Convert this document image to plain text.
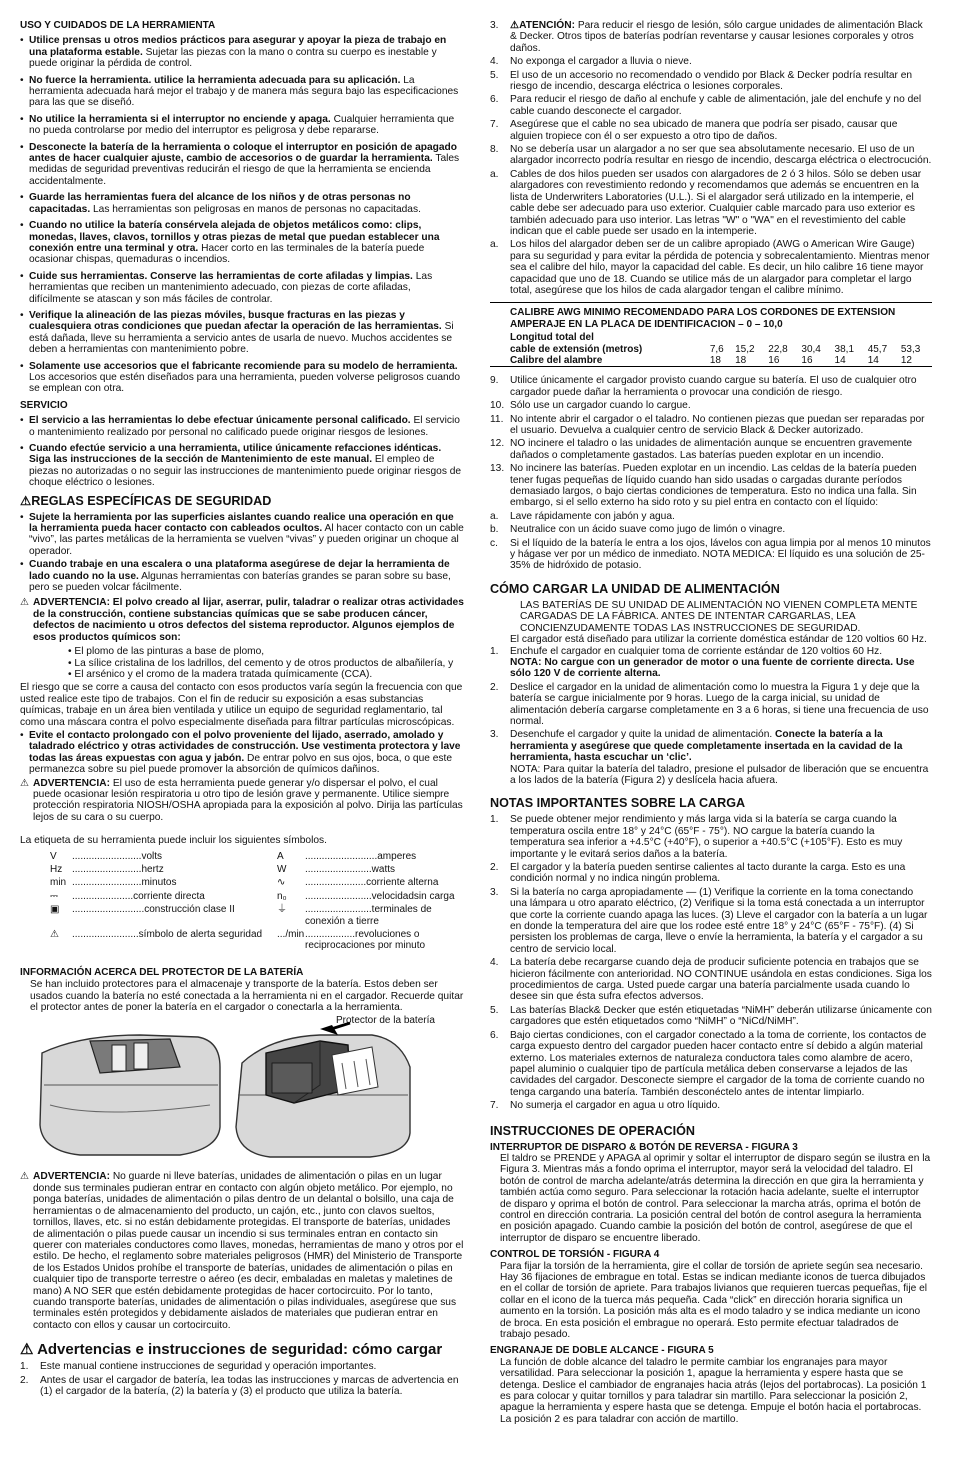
USO Y CUIDADOS DE LA HERRAMIENTA
• Utilice prensas u otros medios prácticos para asegurar y apoyar la pieza de trabajo en una plataforma estable. Sujetar las piezas con la mano o contra su cuerpo es inestable y puede originar la pérdida de control.
• No fuerce la herramienta. utilice la herramienta adecuada para su aplicación. La herramienta adecuada hará mejor el trabajo y de manera más segura bajo las especificaciones para las que se diseñó.
• No utilice la herramienta si el interruptor no enciende y apaga. Cualquier herramienta que no pueda controlarse por medio del interruptor es peligrosa y debe repararse.
• Desconecte la batería de la herramienta o coloque el interruptor en posición de apagado antes de hacer cualquier ajuste, cambio de accesorios o de guardar la herramienta. Tales medidas de seguridad preventivas reducirán el riesgo de que la herramienta se encienda accidentalmente.
• Guarde las herramientas fuera del alcance de los niños y de otras personas no capacitadas. Las herramientas son peligrosas en manos de personas no capacitadas.
• Cuando no utilice la batería consérvela alejada de objetos metálicos como: clips, monedas, llaves, clavos, tornillos y otras piezas de metal que puedan establecer una conexión entre una terminal y otra. Hacer corto en las terminales de la batería puede ocasionar chispas, quemaduras o incendios.
• Cuide sus herramientas. Conserve las herramientas de corte afiladas y limpias. Las herramientas que reciben un mantenimiento adecuado, con piezas de corte afiladas, difícilmente se atascan y son más fáciles de controlar.
• Verifique la alineación de las piezas móviles, busque fracturas en las piezas y cualesquiera otras condiciones que puedan afectar la operación de las herramientas. Si está dañada, lleve su herramienta a servicio antes de usarla de nuevo. Muchos accidentes se deben a herramientas con mantenimiento pobre.
• Solamente use accesorios que el fabricante recomiende para su modelo de herramienta. Los accesorios que estén diseñados para una herramienta, pueden volverse peligrosos cuando se emplean con otra.
SERVICIO
• El servicio a las herramientas lo debe efectuar únicamente personal calificado. El servicio o mantenimiento realizado por personal no calificado puede originar riesgos de lesiones.
• Cuando efectúe servicio a una herramienta, utilice únicamente refacciones idénticas. Siga las instrucciones de la sección de Mantenimiento de este manual. El empleo de piezas no autorizadas o no seguir las instrucciones de mantenimiento puede originar riesgos de choque eléctrico o lesiones.
⚠REGLAS ESPECÍFICAS DE SEGURIDAD
• Sujete la herramienta por las superficies aislantes cuando realice una operación en que la herramienta pueda hacer contacto con cableados ocultos. Al hacer contacto con un cable “vivo”, las partes metálicas de la herramienta se vuelven “vivas” y pueden originar un choque al operador.
• Cuando trabaje en una escalera o una plataforma asegúrese de dejar la herramienta de lado cuando no la use. Algunas herramientas con baterías grandes se paran sobre su base, pero se pueden volcar fácilmente.
⚠ ADVERTENCIA: El polvo creado al lijar, aserrar, pulir, taladrar o realizar otras actividades de la construcción, contiene substancias químicas que se sabe producen cáncer, defectos de nacimiento u otros defectos del sistema reproductor. Algunos ejemplos de esos productos químicos son:
• El plomo de las pinturas a base de plomo,
• La sílice cristalina de los ladrillos, del cemento y de otros productos de albañilería, y
• El arsénico y el cromo de la madera tratada químicamente (CCA).

El riesgo que se corre a causa del contacto con esos productos varía según la frecuencia con que usted realice este tipo de trabajos. Con el fin de reducir su exposición a esas substancias químicas, trabaje en un área bien ventilada y utilice un equipo de seguridad reglamentario, tal como una máscara contra el polvo especialmente diseñada para filtrar partículas microscópicas.

• Evite el contacto prolongado con el polvo proveniente del lijado, aserrado, amolado y taladrado eléctrico y otras actividades de construcción. Use vestimenta protectora y lave todas las áreas expuestas con agua y jabón. De entrar polvo en sus ojos, boca, o que este permanezca sobre su piel puede promover la absorción de químicos dañinos.
⚠ ADVERTENCIA: El uso de esta herramienta puede generar y/o dispersar el polvo, el cual puede ocasionar lesión respiratoria u otro tipo de lesión grave y permanente. Utilice siempre protección respiratoria NIOSH/OSHA apropiada para la exposición al polvo. Dirija las partículas lejos de su cara o su cuerpo.

La etiqueta de su herramienta puede incluir los siguientes símbolos.

V	.........................volts	A	..........................amperes
Hz	.........................hertz	W	........................watts
min	.........................minutos	∿	......................corriente alterna
⎓	......................corriente directa	n₀	........................velocidadsin carga
▣	..........................construcción clase II	⏚	........................terminales de conexión a tierre
⚠	........................símbolo de alerta seguridad	.../min	..................revoluciones o reciprocaciones por minuto
INFORMACIÓN ACERCA DEL PROTECTOR DE LA BATERÍA

Se han incluido protectores para el almacenaje y transporte de la batería. Estos deben ser usados cuando la batería no esté conectada a la herramienta ni en el cargador. Recuerde quitar el protector antes de poner la batería en el cargador o conectarla a la herramienta.

Protector de la batería
⚠ ADVERTENCIA: No guarde ni lleve baterías, unidades de alimentación o pilas en un lugar donde sus terminales pudieran entrar en contacto con algún objeto metálico. Por ejemplo, no ponga baterías, unidades de alimentación o pilas dentro de un delantal o bolsillo, una caja de herramientas o de almacenamiento del producto, un cajón, etc., junto con clavos sueltos, tornillos, llaves, etc. si no están debidamente protegidas. El transporte de baterías, unidades de alimentación o pilas puede causar un incendio si sus terminales entran en contacto sin querer con materiales conductores como llaves, monedas, herramientas de mano y otros por el estilo. De hecho, el reglamento sobre materiales peligrosos (HMR) del Ministerio de Transporte de los Estados Unidos prohíbe el transporte de baterías, unidades de alimentación o pilas en cualquier tipo de transporte terrestre o aéreo (es decir, embaladas en maletas y maletines de mano) A NO SER que estén debidamente protegidas de hacer cortocircuito. Por lo tanto, cuando transporte baterías, unidades de alimentación o pilas individuales, asegúrese que sus terminales estén protegidos y debidamente aislados de materiales que pudieran entrar en contacto con ellos y causar un cortocircuito.
⚠ Advertencias e instrucciones de seguridad: cómo cargar
1.	Este manual contiene instrucciones de seguridad y operación importantes.
2.	Antes de usar el cargador de batería, lea todas las instrucciones y marcas de advertencia en (1) el cargador de la batería, (2) la batería y (3) el producto que utiliza la batería.
3.	⚠ATENCIÓN: Para reducir el riesgo de lesión, sólo cargue unidades de alimentación Black & Decker. Otros tipos de baterías podrían reventarse y causar lesiones corporales y otros daños.
4.	No exponga el cargador a lluvia o nieve.
5.	El uso de un accesorio no recomendado o vendido por Black & Decker podría resultar en riesgo de incendio, descarga eléctrica o lesiones corporales.
6.	Para reducir el riesgo de daño al enchufe y cable de alimentación, jale del enchufe y no del cable cuando desconecte el cargador.
7.	Asegúrese que el cable no sea ubicado de manera que podría ser pisado, causar que alguien tropiece con él o ser expuesto a otro tipo de daños.
8.	No se debería usar un alargador a no ser que sea absolutamente necesario. El uso de un alargador incorrecto podría resultar en riesgo de incendio, descarga eléctrica o electrocución.
a.	Cables de dos hilos pueden ser usados con alargadores de 2 ó 3 hilos. Sólo se deben usar alargadores con revestimiento redondo y recomendamos que además se encuentren en la lista de Underwriters Laboratories (U.L.). Si el alargador será utilizado en la intemperie, el cable debe ser adecuado para uso exterior. Cualquier cable marcado para uso exterior es también adecuado para uso interior. Las letras "W" o "WA" en el revestimiento del cable indican que el cable puede ser usado en la intemperie.
a.	Los hilos del alargador deben ser de un calibre apropiado (AWG o American Wire Gauge) para su seguridad y para evitar la pérdida de potencia y sobrecalentamiento. Mientras menor sea el calibre del hilo, mayor la capacidad del cable. Es decir, un hilo calibre 16 tiene mayor capacidad que uno de 18. Cuando se utilice más de un alargador para completar el largo total, asegúrese que los hilos de cada alargador tengan el calibre mínimo.
CALIBRE AWG MINIMO RECOMENDADO PARA LOS CORDONES DE EXTENSION AMPERAJE EN LA PLACA DE IDENTIFICACION – 0 – 10,0
Longitud total del							
cable de extensión (metros)	7,6	15,2	22,8	30,4	38,1	45,7	53,3
Calibre del alambre	18	18	16	16	14	14	12
9.	Utilice únicamente el cargador provisto cuando cargue su batería. El uso de cualquier otro cargador puede dañar la herramienta o provocar una condición de riesgo.
10. Sólo use un cargador cuando lo cargue.
11. No intente abrir el cargador o el taladro. No contienen piezas que puedan ser reparadas por el usuario. Devuelva a cualquier centro de servicio Black & Decker autorizado.
12. NO incinere el taladro o las unidades de alimentación aunque se encuentren gravemente dañados o completamente gastados. Las baterías pueden explotar en un incendio.
13. No incinere las baterías. Pueden explotar en un incendio. Las celdas de la batería pueden tener fugas pequeñas de líquido cuando han sido usadas o cargadas durante períodos demasiado largos, o bajo ciertas condiciones de temperatura. Esto no indica una falla. Sin embargo, si el sello externo ha sido roto y su piel entra en contacto con el líquido:
a.	Lave rápidamente con jabón y agua.
b.	Neutralice con un ácido suave como jugo de limón o vinagre.
c.	Si el líquido de la batería le entra a los ojos, lávelos con agua limpia por al menos 10 minutos y hágase ver por un médico de inmediato. NOTA MEDICA: El líquido es una solución de 25-35% de hidróxido de potasio.
CÓMO CARGAR LA UNIDAD DE ALIMENTACIÓN

LAS BATERÍAS DE SU UNIDAD DE ALIMENTACIÓN NO VIENEN COMPLETA MENTE CARGADAS DE LA FÁBRICA. ANTES DE INTENTAR CARGARLAS, LEA CONCIENZUDAMENTE TODAS LAS INSTRUCCIONES DE SEGURIDAD.

El cargador está diseñado para utilizar la corriente doméstica estándar de 120 voltios 60 Hz.

1.	Enchufe el cargador en cualquier toma de corriente estándar de 120 voltios 60 Hz.
NOTA: No cargue con un generador de motor o una fuente de corriente directa. Use sólo 120 V de corriente alterna.
2.	Deslice el cargador en la unidad de alimentación como lo muestra la Figura 1 y deje que la batería se cargue inicialmente por 9 horas. Luego de la carga inicial, su unidad de alimentación debería cargarse completamente en 3 a 6 horas, si tiene una frecuencia de uso normal.
3.	Desenchufe el cargador y quite la unidad de alimentación. Conecte la batería a la herramienta y asegúrese que quede completamente insertada en la cavidad de la herramienta, hasta escuchar un ‘clic’.
NOTA: Para quitar la batería del taladro, presione el pulsador de liberación que se encuentra a los lados de la batería (Figura 2) y deslícela hacia afuera.
NOTAS IMPORTANTES SOBRE LA CARGA
1.	Se puede obtener mejor rendimiento y más larga vida si la batería se carga cuando la temperatura oscila entre 18° y 24°C (65°F - 75°). NO cargue la batería cuando la temperatura sea inferior a +4.5°C (+40°F), o superior a +40.5°C (+105°F). Esto es muy importante y le evitará serios daños a la batería.
2.	El cargador y la batería pueden sentirse calientes al tacto durante la carga. Esto es una condición normal y no indica ningún problema.
3.	Si la batería no carga apropiadamente — (1) Verifique la corriente en la toma conectando una lámpara u otro aparato eléctrico, (2) Verifique si la toma está conectada a un interruptor que corte la corriente cuando apaga las luces. (3) Lleve el cargador con la batería a un lugar en donde la temperatura del aire que los rodee esté entre 18° y 24°C (65°F - 75°F). (4) Si persisten los problemas de carga, lleve o envíe la herramienta, la batería y el cargador a su centro de servicio local.
4.	La batería debe recargarse cuando deja de producir suficiente potencia en trabajos que se hicieron fácilmente con anterioridad. NO CONTINUE usándola en estas condiciones. Siga los procedimientos de carga. Usted puede cargar una batería parcialmente usada cuando lo desee sin que ésta sufra efectos adversos.
5.	Las baterías Black& Decker que estén etiquetadas “NiMH” deberán utilizarse únicamente con cargadores que estén etiquetados como “NiMH” o “NiCd/NiMH”.
6.	Bajo ciertas condiciones, con el cargador conectado a la toma de corriente, los contactos de carga expuesto dentro del cargador pueden hacer contacto entre sí debido a algún material externo. Los materiales externos de naturaleza conductora tales como alambre de acero, papel aluminio o cualquier tipo de partícula metálica deben conservarse a lejados de las cavidades del cargador. Desconecte siempre el cargador de la toma de corriente cuando no tenga cargando una batería. También desconéctelo antes de intentar limpiarlo.
7.	No sumerja el cargador en agua u otro líquido.
INSTRUCCIONES DE OPERACIÓN
INTERRUPTOR DE DISPARO & BOTÓN DE REVERSA - FIGURA 3

El taldro se PRENDE y APAGA al oprimir y soltar el interruptor de disparo según se ilustra en la Figura 3. Mientras más a fondo oprima el interruptor, mayor será la velocidad del taladro. El botón de control de marcha adelante/atrás determina la dirección en que gira la herramienta y también actúa como seguro. Para seleccionar la rotación hacia adelante, suelte el interruptor de disparo y oprima el botón de control. Para seleccionar la marcha atrás, oprima el botón de control en dirección contraria. La posición central del botón de control asegura la herramienta en posición apagado. Cuando cambie la posición del botón de control, asegúrese de que el interruptor de disparo se encuentre liberado.

CONTROL DE TORSIÓN - FIGURA 4

Para fijar la torsión de la herramienta, gire el collar de torsión de apriete según sea necesario. Hay 36 fijaciones de embrague en total. Estas se indican mediante iconos de tuerca dibujados en el collar de torsión de apriete. Para trabajos livianos que requieren tuercas pequeñas, fije el collar en el icono de la tuerca más pequeña. Cada “click” en dirección horaria significa un aumento en la torsión. La posición más alta es el modo taladro y se indica mediante un icono de broca. En esta posición el embrague no operará. Esto permite efectuar taladrados de trabajo pesado.

ENGRANAJE DE DOBLE ALCANCE - FIGURA 5

La función de doble alcance del taladro le permite cambiar los engranajes para mayor versatilidad. Para seleccionar la posición 1, apague la herramienta y espere hasta que se detenga. Deslice el cambiador de engranajes hacia atrás (lejos del portabrocas). La posición 1 es para colocar y quitar tornillos y para taladrar sin martillo. Para seleccionar la posición 2, apague la herramienta y espere hasta que se detenga. Empuje el botón hacia el portabrocas. La posición 2 es para taladrar con acción de martillo.
